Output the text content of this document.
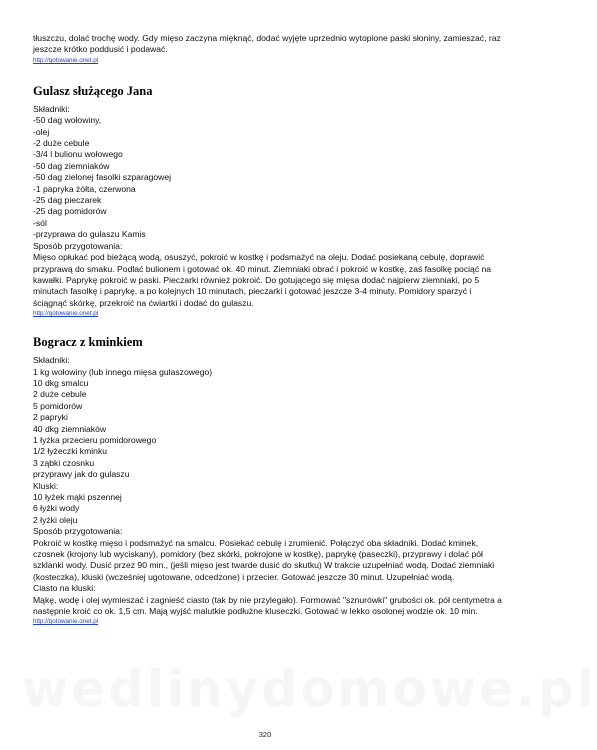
tłuszczu, dolać trochę wody. Gdy mięso zaczyna mięknąć, dodać wyjęte uprzednio wytopione paski słoniny, zamieszać, raz jeszcze krótko poddusić i podawać.

http://gotowanie.onet.pl
Gulasz służącego Jana

Składniki:

-50 dag wołowiny,

-olej

-2 duże cebule

-3/4 l bulionu wołowego

-50 dag ziemniaków

-50 dag zielonej fasolki szparagowej

-1 papryka żółta, czerwona

-25 dag pieczarek

-25 dag pomidorów

-sól

-przyprawa do gulaszu Kamis

Sposób przygotowania:

Mięso opłukać pod bieżącą wodą, osuszyć, pokroić w kostkę i podsmażyć na oleju. Dodać posiekaną cebulę, doprawić przyprawą do smaku. Podlać bulionem i gotować ok. 40 minut. Ziemniaki obrać i pokroić w kostkę, zaś fasolkę pociąć na kawałki. Paprykę pokroić w paski. Pieczarki również pokroić. Do gotującego się mięsa dodać najpierw ziemniaki, po 5 minutach fasolkę i paprykę, a po kolejnych 10 minutach, pieczarki i gotować jeszcze 3-4 minuty. Pomidory sparzyć i ściągnąć skórkę, przekroić na ćwiartki i dodać do gulaszu.

http://gotowanie.onet.pl
Bogracz z kminkiem

Składniki:

1 kg wołowiny (lub innego mięsa gulaszowego)

10 dkg smalcu

2 duże cebule

5 pomidorów

2 papryki

40 dkg ziemniaków

1 łyżka przecieru pomidorowego

1/2 łyżeczki kminku

3 ząbki czosnku

przyprawy jak do gulaszu

Kluski:

10 łyżek mąki pszennej

6 łyżki wody

2 łyżki oleju

Sposób przygotowania:

Pokroić w kostkę mięso i podsmażyć na smalcu. Posiekać cebulę i zrumienić. Połączyć oba składniki. Dodać kminek, czosnek (krojony lub wyciskany), pomidory (bez skórki, pokrojone w kostkę), paprykę (paseczki), przyprawy i dolać pół szklanki wody. Dusić przez 90 min., (jeśli mięso jest twarde dusić do skutku) W trakcie uzupełniać wodą. Dodać ziemniaki (kosteczka), kluski (wcześniej ugotowane, odcedzone) i przecier. Gotować jeszcze 30 minut. Uzupełniać wodą.

Ciasto na kluski:

Mąkę, wodę i olej wymieszać i zagnieść ciasto (tak by nie przylegało). Formować "sznurówki" grubości ok. pół centymetra a następnie kroić co ok. 1,5 cm. Mają wyjść malutkie podłużne kluseczki. Gotować w lekko osolonej wodzie ok. 10 min.

http://gotowanie.onet.pl
wedlinydomowe.pl
320
